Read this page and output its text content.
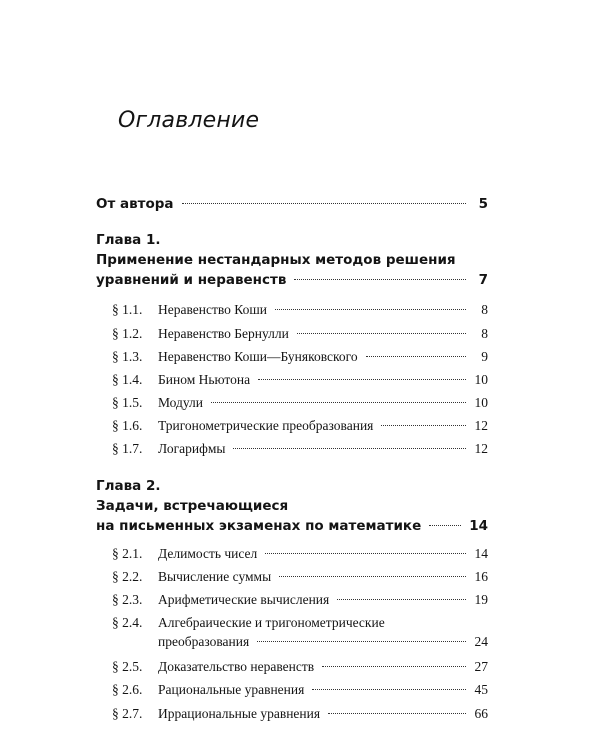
Оглавление
От автора	5
Глава 1.
Применение нестандарных методов решения
уравнений и неравенств	7
§ 1.1.	Неравенство Коши	8
§ 1.2.	Неравенство Бернулли	8
§ 1.3.	Неравенство Коши—Буняковского	9
§ 1.4.	Бином Ньютона	10
§ 1.5.	Модули	10
§ 1.6.	Тригонометрические преобразования	12
§ 1.7.	Логарифмы	12
Глава 2.
Задачи, встречающиеся
на письменных экзаменах по математике	14
§ 2.1.	Делимость чисел	14
§ 2.2.	Вычисление суммы	16
§ 2.3.	Арифметические вычисления	19
§ 2.4.	Алгебраические и тригонометрические
преобразования	24
§ 2.5.	Доказательство неравенств	27
§ 2.6.	Рациональные уравнения	45
§ 2.7.	Иррациональные уравнения	66
